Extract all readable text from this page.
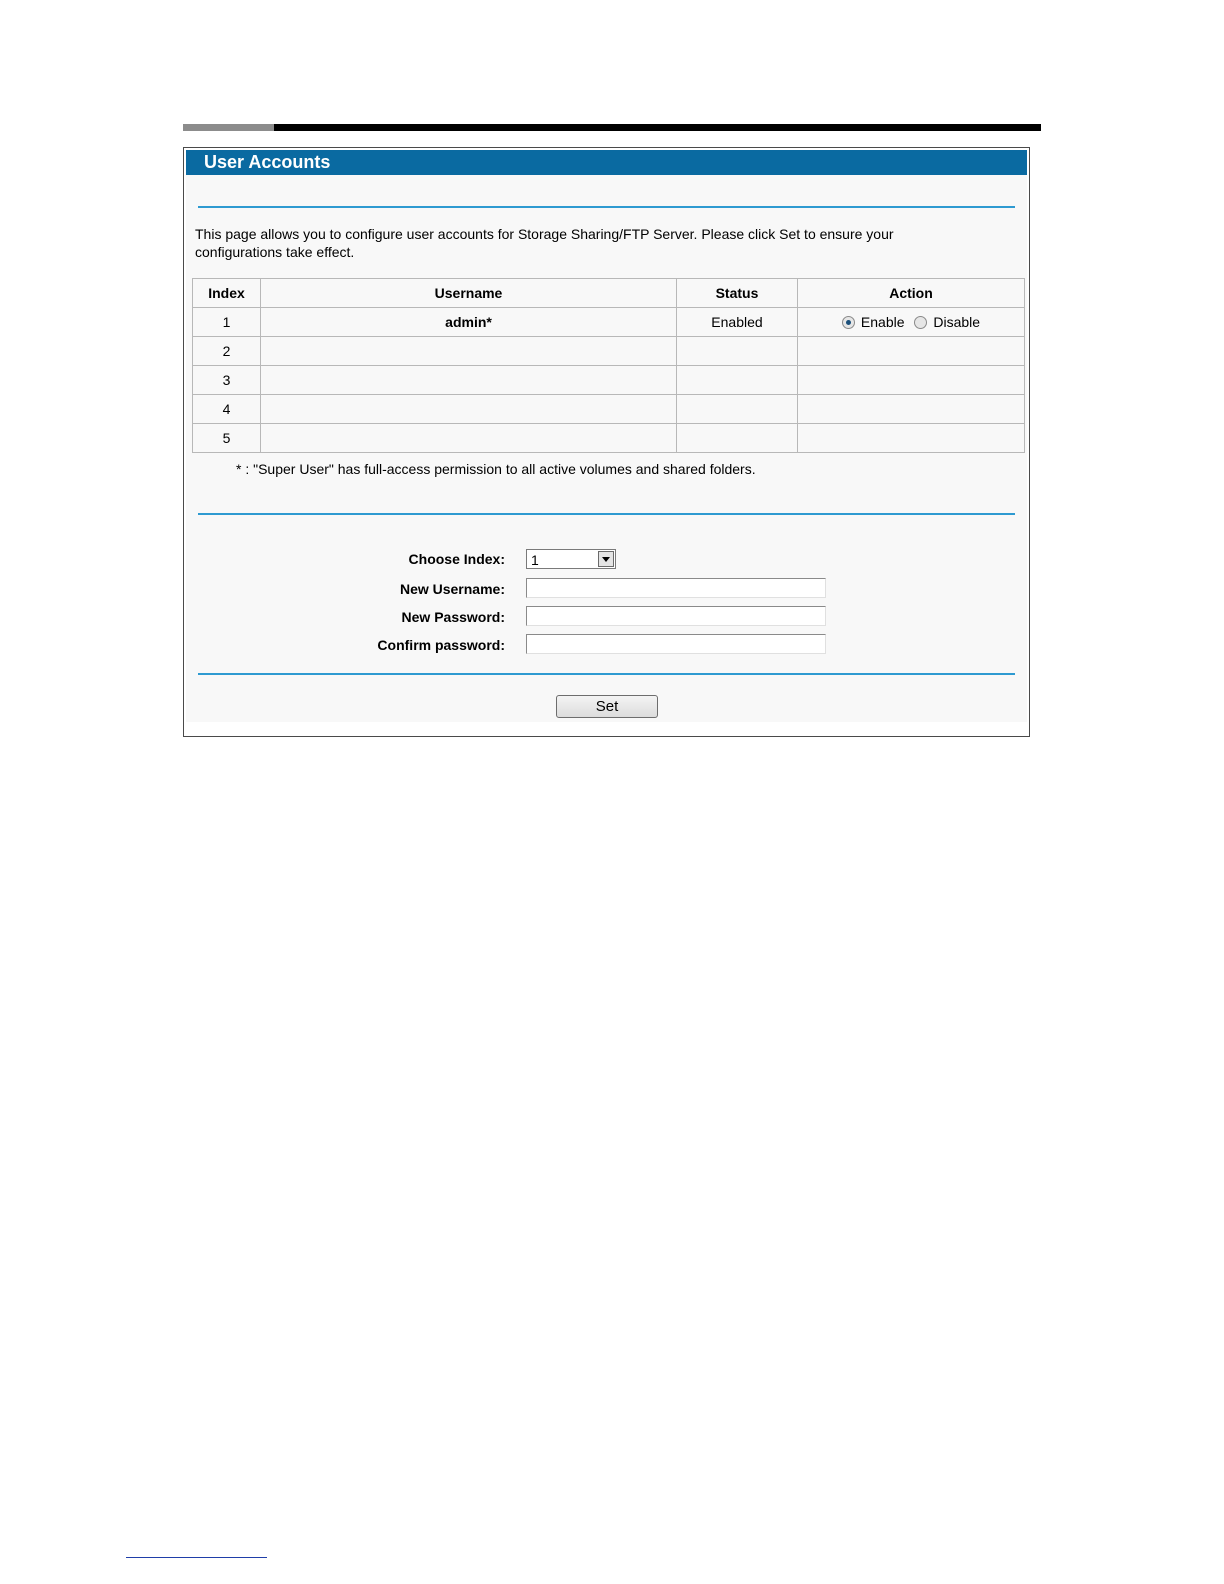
User Accounts
This page allows you to configure user accounts for Storage Sharing/FTP Server. Please click Set to ensure your configurations take effect.
Index	Username	Status	Action
1	admin*	Enabled	Enable Disable
2			
3			
4			
5			
* : "Super User" has full-access permission to all active volumes and shared folders.
Choose Index:	1
New Username:
New Password:
Confirm password:
Set
